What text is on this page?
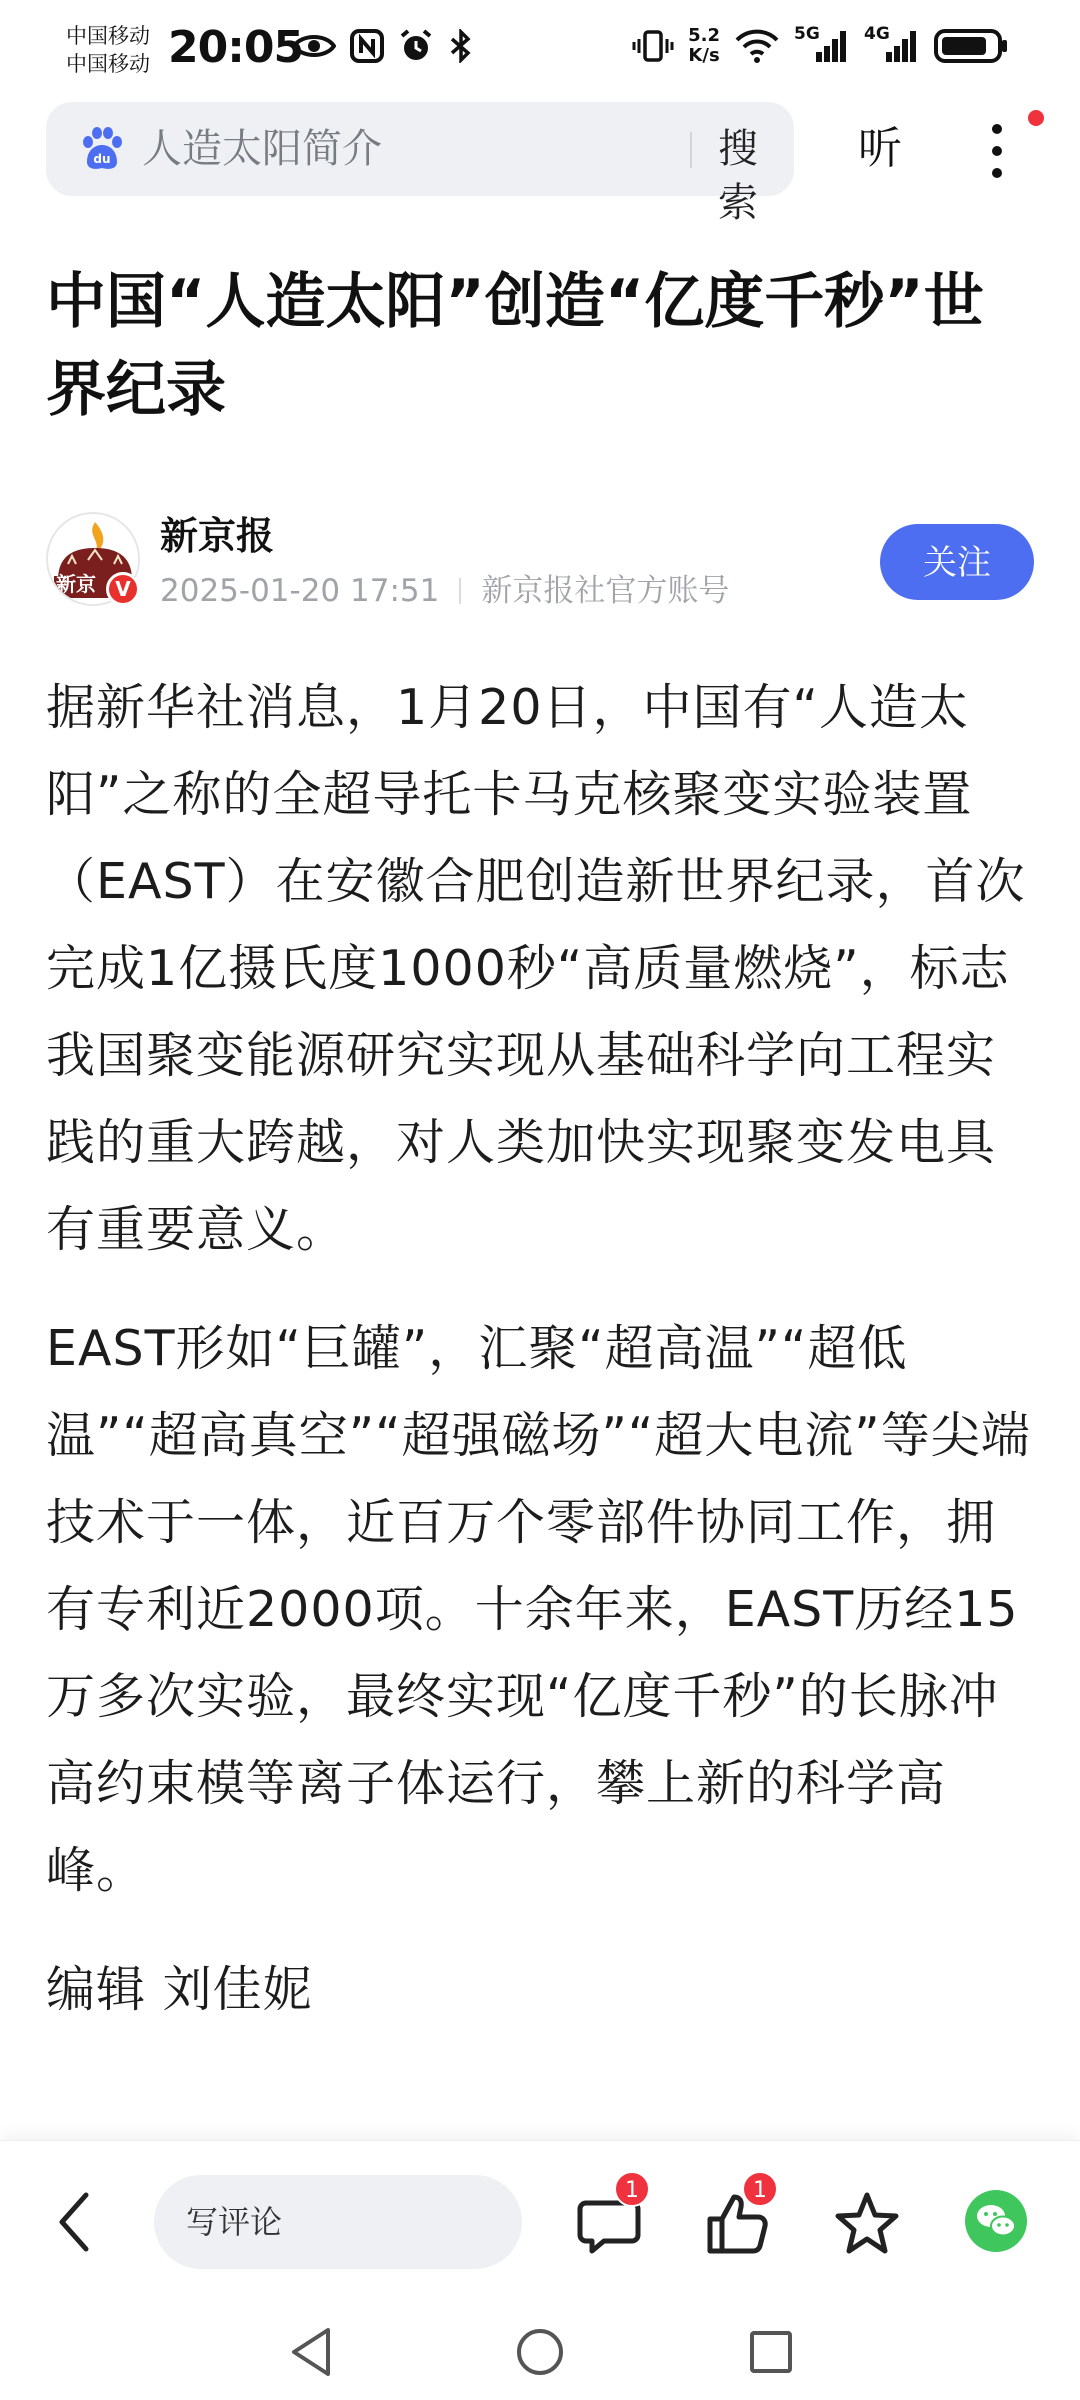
中国移动
中国移动 20:05	5.2
K/s
5G	4G
du 人造太阳简介	搜索
听
中国“人造太阳”创造“亿度千秒”世界纪录
新京 V
新京报
2025-01-20 17:51 新京报社官方账号
关注

据新华社消息，1月20日，中国有“人造太阳”之称的全超导托卡马克核聚变实验装置（EAST）在安徽合肥创造新世界纪录，首次完成1亿摄氏度1000秒“高质量燃烧”，标志我国聚变能源研究实现从基础科学向工程实践的重大跨越，对人类加快实现聚变发电具有重要意义。

EAST形如“巨罐”，汇聚“超高温”“超低温”“超高真空”“超强磁场”“超大电流”等尖端技术于一体，近百万个零部件协同工作，拥有专利近2000项。十余年来，EAST历经15万多次实验，最终实现“亿度千秒”的长脉冲高约束模等离子体运行，攀上新的科学高峰。

编辑 刘佳妮

写评论
1	1
